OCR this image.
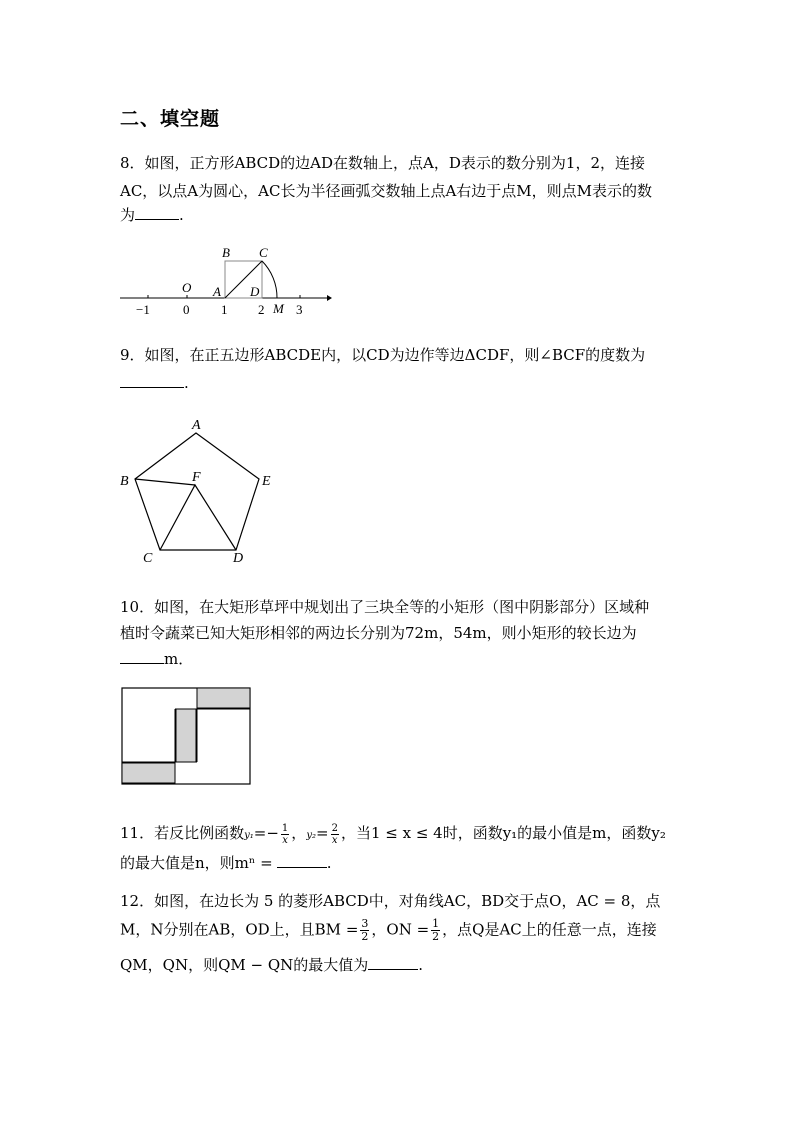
二、填空题
8．如图，正方形ABCD的边AD在数轴上，点A，D表示的数分别为1，2，连接
AC，以点A为圆心，AC长为半径画弧交数轴上点A右边于点M，则点M表示的数
为	.
B C
O A D
M
−1	0 1 2 3
9．如图，在正五边形ABCDE内，以CD为边作等边ΔCDF，则∠BCF的度数为
.
A
B	E
F
C	D
10．如图，在大矩形草坪中规划出了三块全等的小矩形（图中阴影部分）区域种
植时令蔬菜已知大矩形相邻的两边长分别为72m，54m，则小矩形的较长边为
m．
11．若反比例函数$y_1=- \frac{1}{x}$ ，$y_2= \frac{2}{x}$ ，当1 ≤ x ≤ 4时，函数y₁的最小值是m，函数y₂
的最大值是n，则mⁿ =	.
12．如图，在边长为 5 的菱形ABCD中，对角线AC，BD交于点O，AC = 8，点
M，N分别在AB，OD上，且BM = $\frac{3}{2}$ ，ON = $\frac{1}{2}$ ，点Q是AC上的任意一点，连接
QM，QN，则QM − QN的最大值为	.
